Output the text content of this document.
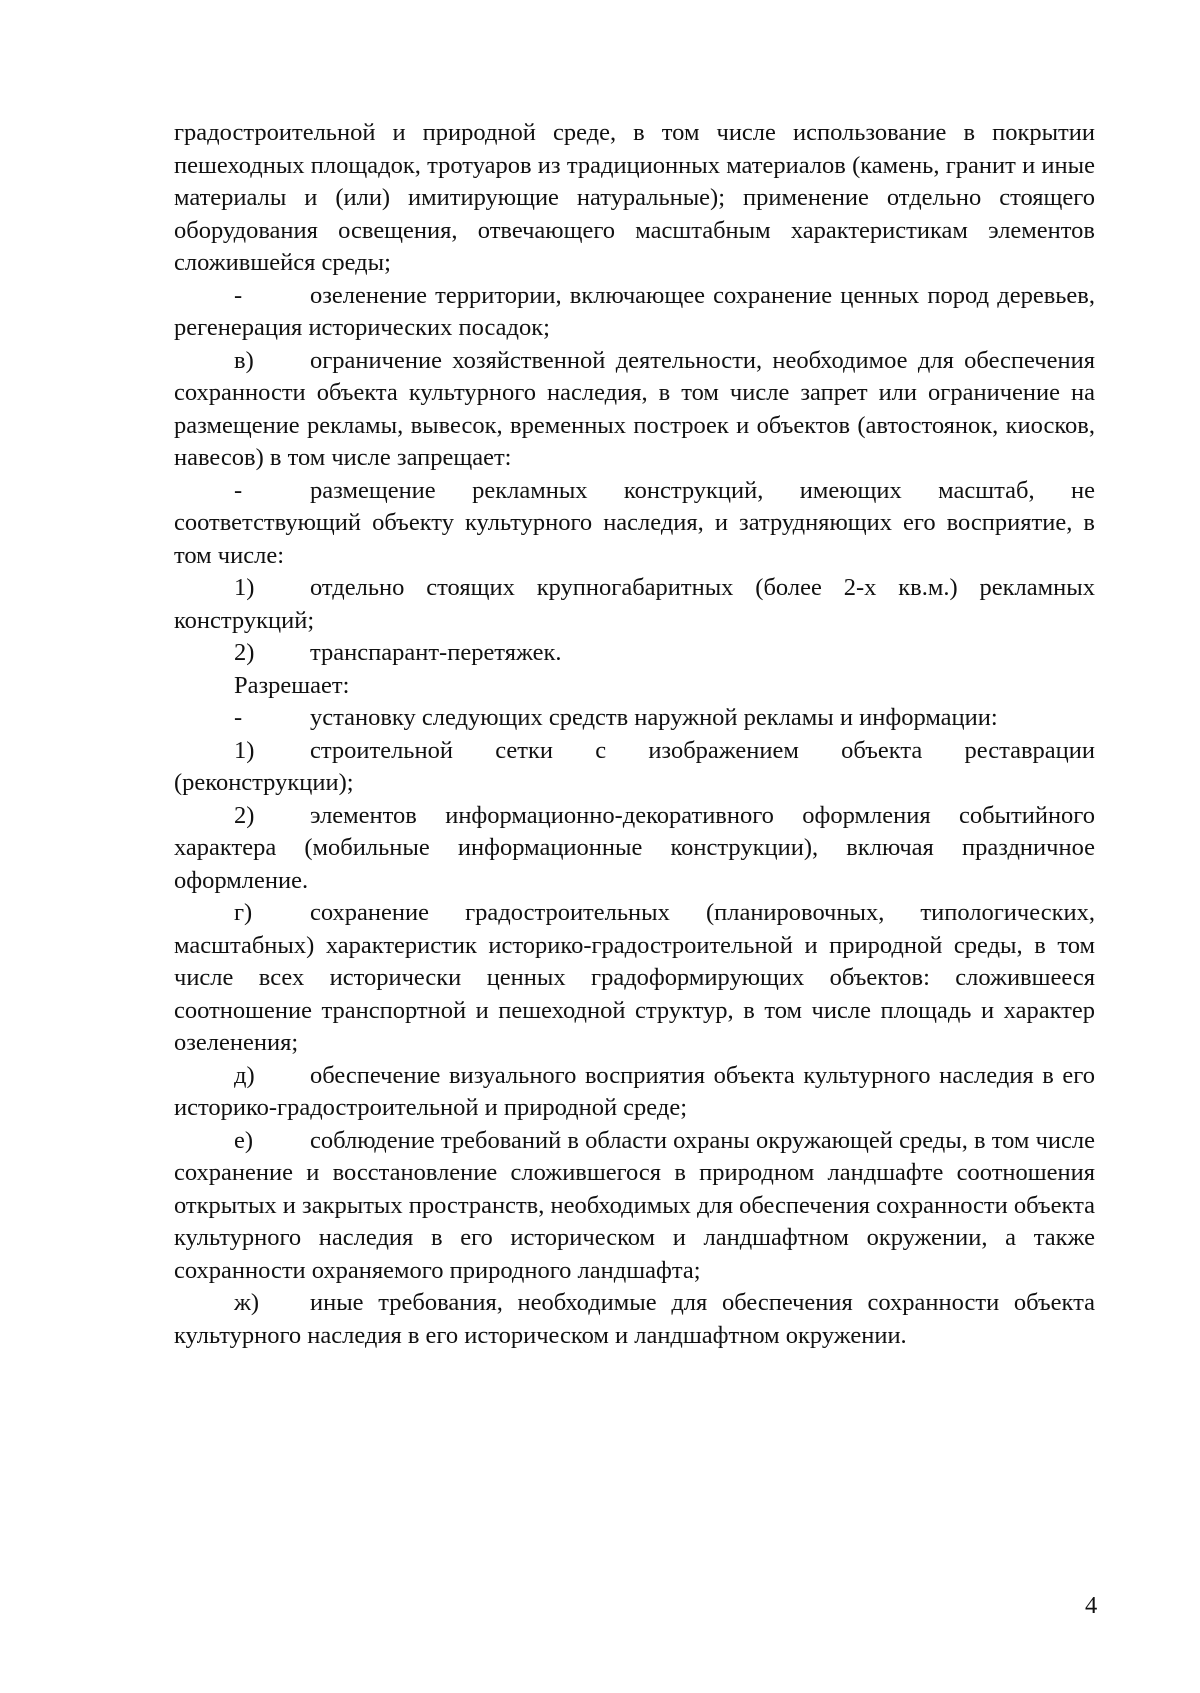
градостроительной и природной среде, в том числе использование в покрытии пешеходных площадок, тротуаров из традиционных материалов (камень, гранит и иные материалы и (или) имитирующие натуральные); применение отдельно стоящего оборудования освещения, отвечающего масштабным характеристикам элементов сложившейся среды;

-	озеленение территории, включающее сохранение ценных пород деревьев, регенерация исторических посадок;

в) ограничение хозяйственной деятельности, необходимое для обеспечения сохранности объекта культурного наследия, в том числе запрет или ограничение на размещение рекламы, вывесок, временных построек и объектов (автостоянок, киосков, навесов) в том числе запрещает:

-	размещение рекламных конструкций, имеющих масштаб, не соответствующий объекту культурного наследия, и затрудняющих его восприятие, в том числе:

1) отдельно стоящих крупногабаритных (более 2-х кв.м.) рекламных конструкций;

2) транспарант-перетяжек.

Разрешает:

-	установку следующих средств наружной рекламы и информации:

1) строительной сетки с изображением объекта реставрации (реконструкции);

2) элементов информационно-декоративного оформления событийного характера (мобильные информационные конструкции), включая праздничное оформление.

г) сохранение градостроительных (планировочных, типологических, масштабных) характеристик историко-градостроительной и природной среды, в том числе всех исторически ценных градоформирующих объектов: сложившееся соотношение транспортной и пешеходной структур, в том числе площадь и характер озеленения;

д) обеспечение визуального восприятия объекта культурного наследия в его историко-градостроительной и природной среде;

е) соблюдение требований в области охраны окружающей среды, в том числе сохранение и восстановление сложившегося в природном ландшафте соотношения открытых и закрытых пространств, необходимых для обеспечения сохранности объекта культурного наследия в его историческом и ландшафтном окружении, а также сохранности охраняемого природного ландшафта;

ж) иные требования, необходимые для обеспечения сохранности объекта культурного наследия в его историческом и ландшафтном окружении.

4
